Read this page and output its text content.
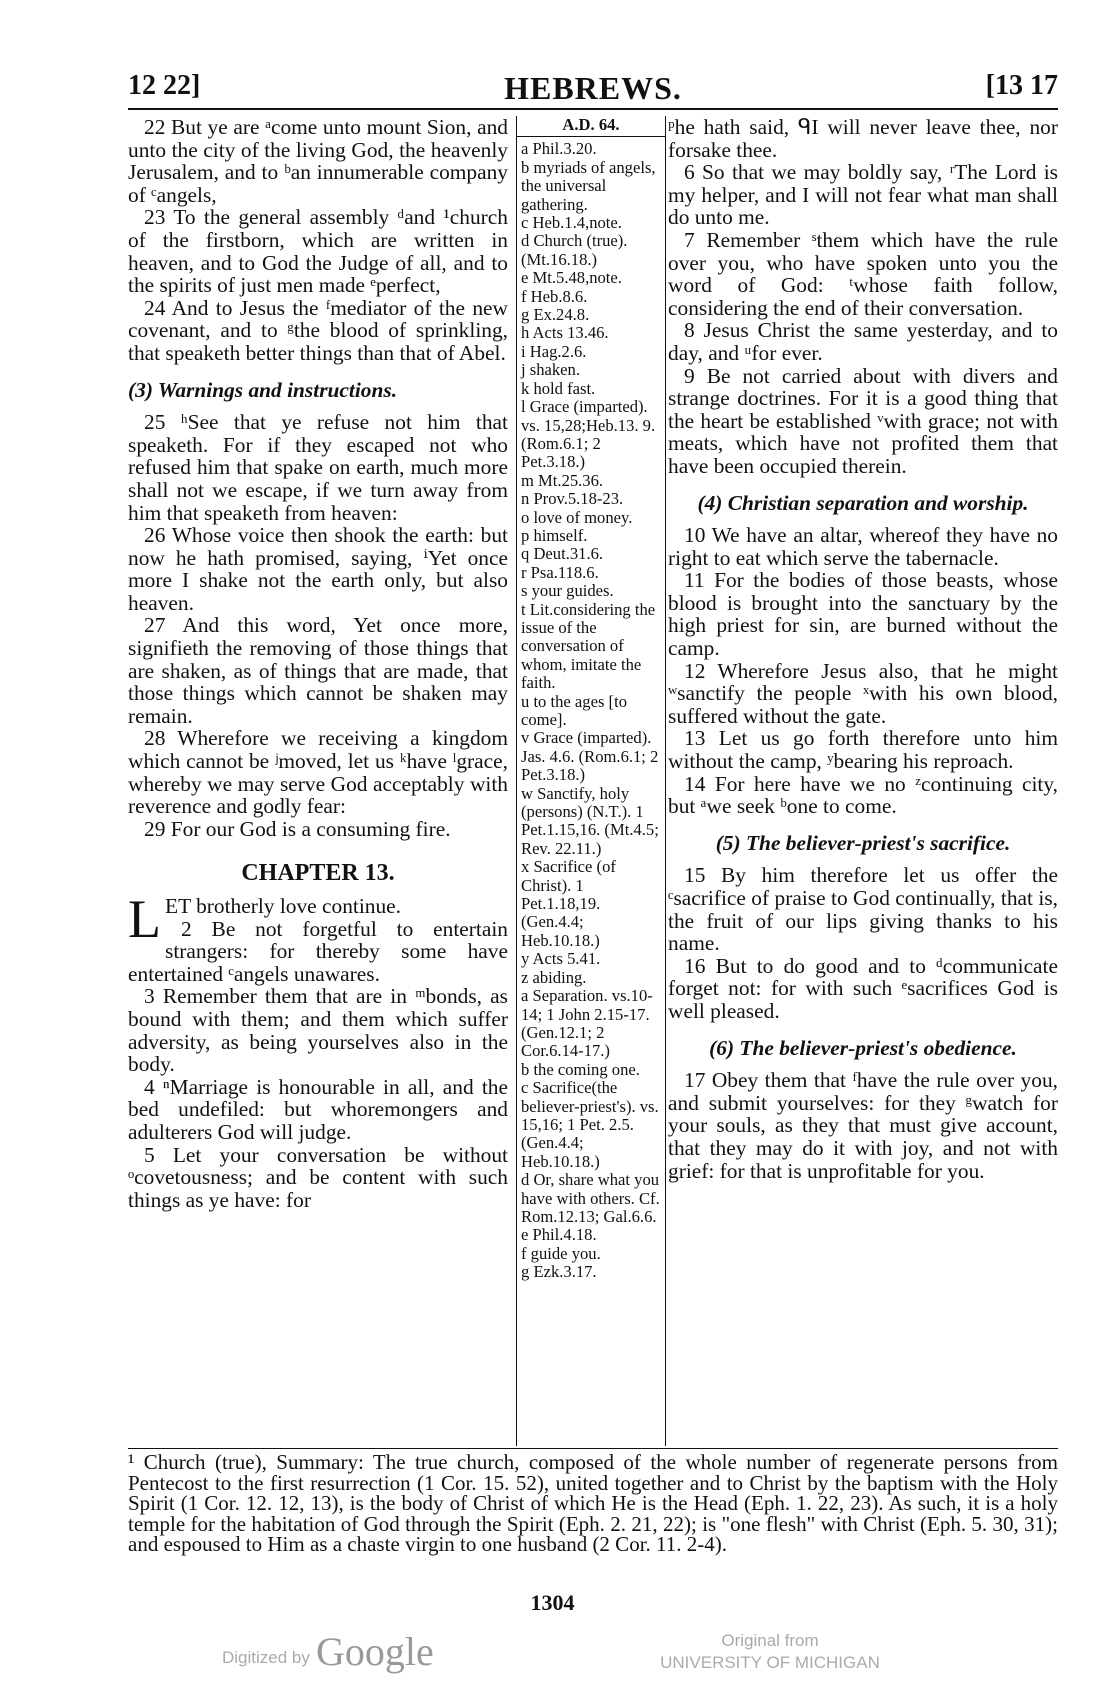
12 22]	HEBREWS.	[13 17

22 But ye are ᵃcome unto mount Sion, and unto the city of the living God, the heavenly Jerusalem, and to ᵇan innumerable company of ᶜangels,

23 To the general assembly ᵈand ¹church of the firstborn, which are written in heaven, and to God the Judge of all, and to the spirits of just men made ᵉperfect,

24 And to Jesus the ᶠmediator of the new covenant, and to ᵍthe blood of sprinkling, that speaketh better things than that of Abel.

(3) Warnings and instructions.

25 ʰSee that ye refuse not him that speaketh. For if they escaped not who refused him that spake on earth, much more shall not we escape, if we turn away from him that speaketh from heaven:

26 Whose voice then shook the earth: but now he hath promised, saying, ⁱYet once more I shake not the earth only, but also heaven.

27 And this word, Yet once more, signifieth the removing of those things that are shaken, as of things that are made, that those things which cannot be shaken may remain.

28 Wherefore we receiving a kingdom which cannot be ʲmoved, let us ᵏhave ˡgrace, whereby we may serve God acceptably with reverence and godly fear:

29 For our God is a consuming fire.

CHAPTER 13.

LET brotherly love continue.

2 Be not forgetful to entertain strangers: for thereby some have entertained ᶜangels unawares.

3 Remember them that are in ᵐbonds, as bound with them; and them which suffer adversity, as being yourselves also in the body.

4 ⁿMarriage is honourable in all, and the bed undefiled: but whoremongers and adulterers God will judge.

5 Let your conversation be without ᵒcovetousness; and be content with such things as ye have: for

A.D. 64.

a Phil.3.20.

b myriads of angels, the universal gathering.

c Heb.1.4,note.

d Church (true). (Mt.16.18.)

e Mt.5.48,note.

f Heb.8.6.

g Ex.24.8.

h Acts 13.46.

i Hag.2.6.

j shaken.

k hold fast.

l Grace (imparted). vs. 15,28;Heb.13. 9. (Rom.6.1; 2 Pet.3.18.)

m Mt.25.36.

n Prov.5.18-23.

o love of money.

p himself.

q Deut.31.6.

r Psa.118.6.

s your guides.

t Lit.considering the issue of the conversation of whom, imitate the faith.

u to the ages [to come].

v Grace (imparted). Jas. 4.6. (Rom.6.1; 2 Pet.3.18.)

w Sanctify, holy (persons) (N.T.). 1 Pet.1.15,16. (Mt.4.5; Rev. 22.11.)

x Sacrifice (of Christ). 1 Pet.1.18,19. (Gen.4.4; Heb.10.18.)

y Acts 5.41.

z abiding.

a Separation. vs.10-14; 1 John 2.15-17. (Gen.12.1; 2 Cor.6.14-17.)

b the coming one.

c Sacrifice(the believer-priest's). vs. 15,16; 1 Pet. 2.5. (Gen.4.4; Heb.10.18.)

d Or, share what you have with others. Cf. Rom.12.13; Gal.6.6.

e Phil.4.18.

f guide you.

g Ezk.3.17.

ᵖhe hath said, ᑫI will never leave thee, nor forsake thee.

6 So that we may boldly say, ʳThe Lord is my helper, and I will not fear what man shall do unto me.

7 Remember ˢthem which have the rule over you, who have spoken unto you the word of God: ᵗwhose faith follow, considering the end of their conversation.

8 Jesus Christ the same yesterday, and to day, and ᵘfor ever.

9 Be not carried about with divers and strange doctrines. For it is a good thing that the heart be established ᵛwith grace; not with meats, which have not profited them that have been occupied therein.

(4) Christian separation and worship.

10 We have an altar, whereof they have no right to eat which serve the tabernacle.

11 For the bodies of those beasts, whose blood is brought into the sanctuary by the high priest for sin, are burned without the camp.

12 Wherefore Jesus also, that he might ʷsanctify the people ˣwith his own blood, suffered without the gate.

13 Let us go forth therefore unto him without the camp, ʸbearing his reproach.

14 For here have we no ᶻcontinuing city, but ᵃwe seek ᵇone to come.

(5) The believer-priest's sacrifice.

15 By him therefore let us offer the ᶜsacrifice of praise to God continually, that is, the fruit of our lips giving thanks to his name.

16 But to do good and to ᵈcommunicate forget not: for with such ᵉsacrifices God is well pleased.

(6) The believer-priest's obedience.

17 Obey them that ᶠhave the rule over you, and submit yourselves: for they ᵍwatch for your souls, as they that must give account, that they may do it with joy, and not with grief: for that is unprofitable for you.

¹ Church (true), Summary: The true church, composed of the whole number of regenerate persons from Pentecost to the first resurrection (1 Cor. 15. 52), united together and to Christ by the baptism with the Holy Spirit (1 Cor. 12. 12, 13), is the body of Christ of which He is the Head (Eph. 1. 22, 23). As such, it is a holy temple for the habitation of God through the Spirit (Eph. 2. 21, 22); is "one flesh" with Christ (Eph. 5. 30, 31); and espoused to Him as a chaste virgin to one husband (2 Cor. 11. 2-4).
1304
Digitized by Google	Original from
UNIVERSITY OF MICHIGAN
